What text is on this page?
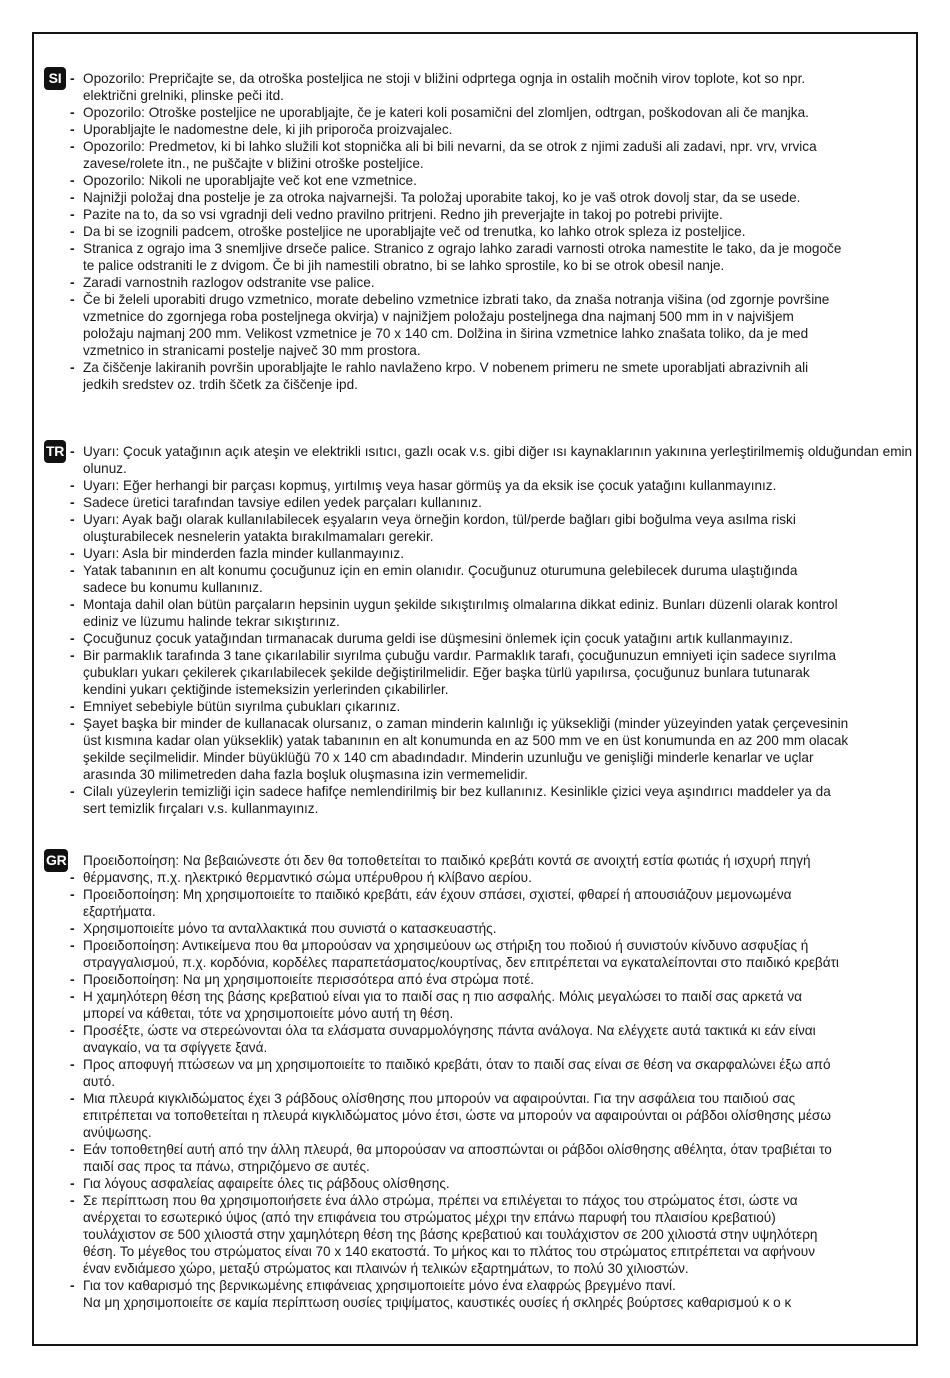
SI	- Opozorilo: Prepričajte se, da otroška posteljica ne stoji v bližini odprtega ognja in ostalih močnih virov toplote, kot so npr.
električni grelniki, plinske peči itd.
- Opozorilo: Otroške posteljice ne uporabljajte, če je kateri koli posamični del zlomljen, odtrgan, poškodovan ali če manjka.
- Uporabljajte le nadomestne dele, ki jih priporoča proizvajalec.
- Opozorilo: Predmetov, ki bi lahko služili kot stopnička ali bi bili nevarni, da se otrok z njimi zaduši ali zadavi, npr. vrv, vrvica
zavese/rolete itn., ne puščajte v bližini otroške posteljice.
- Opozorilo: Nikoli ne uporabljajte več kot ene vzmetnice.
- Najnižji položaj dna postelje je za otroka najvarnejši. Ta položaj uporabite takoj, ko je vaš otrok dovolj star, da se usede.
- Pazite na to, da so vsi vgradnji deli vedno pravilno pritrjeni. Redno jih preverjajte in takoj po potrebi privijte.
- Da bi se izognili padcem, otroške posteljice ne uporabljajte več od trenutka, ko lahko otrok spleza iz posteljice.
- Stranica z ograjo ima 3 snemljive drseče palice. Stranico z ograjo lahko zaradi varnosti otroka namestite le tako, da je mogoče
te palice odstraniti le z dvigom. Če bi jih namestili obratno, bi se lahko sprostile, ko bi se otrok obesil nanje.
- Zaradi varnostnih razlogov odstranite vse palice.
- Če bi želeli uporabiti drugo vzmetnico, morate debelino vzmetnice izbrati tako, da znaša notranja višina (od zgornje površine
vzmetnice do zgornjega roba posteljnega okvirja) v najnižjem položaju posteljnega dna najmanj 500 mm in v najvišjem
položaju najmanj 200 mm. Velikost vzmetnice je 70 x 140 cm. Dolžina in širina vzmetnice lahko znašata toliko, da je med
vzmetnico in stranicami postelje največ 30 mm prostora.
- Za čiščenje lakiranih površin uporabljajte le rahlo navlaženo krpo. V nobenem primeru ne smete uporabljati abrazivnih ali
jedkih sredstev oz. trdih ščetk za čiščenje ipd.
TR - Uyarı: Çocuk yatağının açık ateşin ve elektrikli ısıtıcı, gazlı ocak v.s. gibi diğer ısı kaynaklarının yakınına yerleştirilmemiş olduğundan emin
olunuz.
- Uyarı: Eğer herhangi bir parçası kopmuş, yırtılmış veya hasar görmüş ya da eksik ise çocuk yatağını kullanmayınız.
- Sadece üretici tarafından tavsiye edilen yedek parçaları kullanınız.
- Uyarı: Ayak bağı olarak kullanılabilecek eşyaların veya örneğin kordon, tül/perde bağları gibi boğulma veya asılma riski
oluşturabilecek nesnelerin yatakta bırakılmamaları gerekir.
- Uyarı: Asla bir minderden fazla minder kullanmayınız.
- Yatak tabanının en alt konumu çocuğunuz için en emin olanıdır. Çocuğunuz oturumuna gelebilecek duruma ulaştığında
sadece bu konumu kullanınız.
- Montaja dahil olan bütün parçaların hepsinin uygun şekilde sıkıştırılmış olmalarına dikkat ediniz. Bunları düzenli olarak kontrol
ediniz ve lüzumu halinde tekrar sıkıştırınız.
- Çocuğunuz çocuk yatağından tırmanacak duruma geldi ise düşmesini önlemek için çocuk yatağını artık kullanmayınız.
- Bir parmaklık tarafında 3 tane çıkarılabilir sıyrılma çubuğu vardır. Parmaklık tarafı, çocuğunuzun emniyeti için sadece sıyrılma
çubukları yukarı çekilerek çıkarılabilecek şekilde değiştirilmelidir. Eğer başka türlü yapılırsa, çocuğunuz bunlara tutunarak
kendini yukarı çektiğinde istemeksizin yerlerinden çıkabilirler.
- Emniyet sebebiyle bütün sıyrılma çubukları çıkarınız.
- Şayet başka bir minder de kullanacak olursanız, o zaman minderin kalınlığı iç yüksekliği (minder yüzeyinden yatak çerçevesinin
üst kısmına kadar olan yükseklik) yatak tabanının en alt konumunda en az 500 mm ve en üst konumunda en az 200 mm olacak
şekilde seçilmelidir. Minder büyüklüğü 70 x 140 cm abadındadır. Minderin uzunluğu ve genişliği minderle kenarlar ve uçlar
arasında 30 milimetreden daha fazla boşluk oluşmasına izin vermemelidir.
- Cilalı yüzeylerin temizliği için sadece hafifçe nemlendirilmiş bir bez kullanınız. Kesinlikle çizici veya aşındırıcı maddeler ya da
sert temizlik fırçaları v.s. kullanmayınız.
GR - Προειδοποίηση: Να βεβαιώνεστε ότι δεν θα τοποθετείται το παιδικό κρεβάτι κοντά σε ανοιχτή εστία φωτιάς ή ισχυρή πηγή
θέρμανσης, π.χ. ηλεκτρικό θερμαντικό σώμα υπέρυθρου ή κλίβανο αερίου.
- Προειδοποίηση: Μη χρησιμοποιείτε το παιδικό κρεβάτι, εάν έχουν σπάσει, σχιστεί, φθαρεί ή απουσιάζουν μεμονωμένα
εξαρτήματα.
- Χρησιμοποιείτε μόνο τα ανταλλακτικά που συνιστά ο κατασκευαστής.
- Προειδοποίηση: Αντικείμενα που θα μπορούσαν να χρησιμεύουν ως στήριξη του ποδιού ή συνιστούν κίνδυνο ασφυξίας ή
στραγγαλισμού, π.χ. κορδόνια, κορδέλες παραπετάσματος/κουρτίνας, δεν επιτρέπεται να εγκαταλείπονται στο παιδικό κρεβάτι
- Προειδοποίηση: Να μη χρησιμοποιείτε περισσότερα από ένα στρώμα ποτέ.
- Η χαμηλότερη θέση της βάσης κρεβατιού είναι για το παιδί σας η πιο ασφαλής. Μόλις μεγαλώσει το παιδί σας αρκετά να
μπορεί να κάθεται, τότε να χρησιμοποιείτε μόνο αυτή τη θέση.
- Προσέξτε, ώστε να στερεώνονται όλα τα ελάσματα συναρμολόγησης πάντα ανάλογα. Να ελέγχετε αυτά τακτικά κι εάν είναι
αναγκαίο, να τα σφίγγετε ξανά.
- Προς αποφυγή πτώσεων να μη χρησιμοποιείτε το παιδικό κρεβάτι, όταν το παιδί σας είναι σε θέση να σκαρφαλώνει έξω από
αυτό.
- Μια πλευρά κιγκλιδώματος έχει 3 ράβδους ολίσθησης που μπορούν να αφαιρούνται. Για την ασφάλεια του παιδιού σας
επιτρέπεται να τοποθετείται η πλευρά κιγκλιδώματος μόνο έτσι, ώστε να μπορούν να αφαιρούνται οι ράβδοι ολίσθησης μέσω
ανύψωσης.
- Εάν τοποθετηθεί αυτή από την άλλη πλευρά, θα μπορούσαν να αποσπώνται οι ράβδοι ολίσθησης αθέλητα, όταν τραβιέται το
παιδί σας προς τα πάνω, στηριζόμενο σε αυτές.
- Για λόγους ασφαλείας αφαιρείτε όλες τις ράβδους ολίσθησης.
- Σε περίπτωση που θα χρησιμοποιήσετε ένα άλλο στρώμα, πρέπει να επιλέγεται το πάχος του στρώματος έτσι, ώστε να
ανέρχεται το εσωτερικό ύψος (από την επιφάνεια του στρώματος μέχρι την επάνω παρυφή του πλαισίου κρεβατιού)
τουλάχιστον σε 500 χιλιοστά στην χαμηλότερη θέση της βάσης κρεβατιού και τουλάχιστον σε 200 χιλιοστά στην υψηλότερη
θέση. Το μέγεθος του στρώματος είναι 70 x 140 εκατοστά. Το μήκος και το πλάτος του στρώματος επιτρέπεται να αφήνουν
έναν ενδιάμεσο χώρο, μεταξύ στρώματος και πλαινών ή τελικών εξαρτημάτων, το πολύ 30 χιλιοστών.
- Για τον καθαρισμό της βερνικωμένης επιφάνειας χρησιμοποιείτε μόνο ένα ελαφρώς βρεγμένο πανί.
Να μη χρησιμοποιείτε σε καμία περίπτωση ουσίες τριψίματος, καυστικές ουσίες ή σκληρές βούρτσες καθαρισμού κ ο κ
